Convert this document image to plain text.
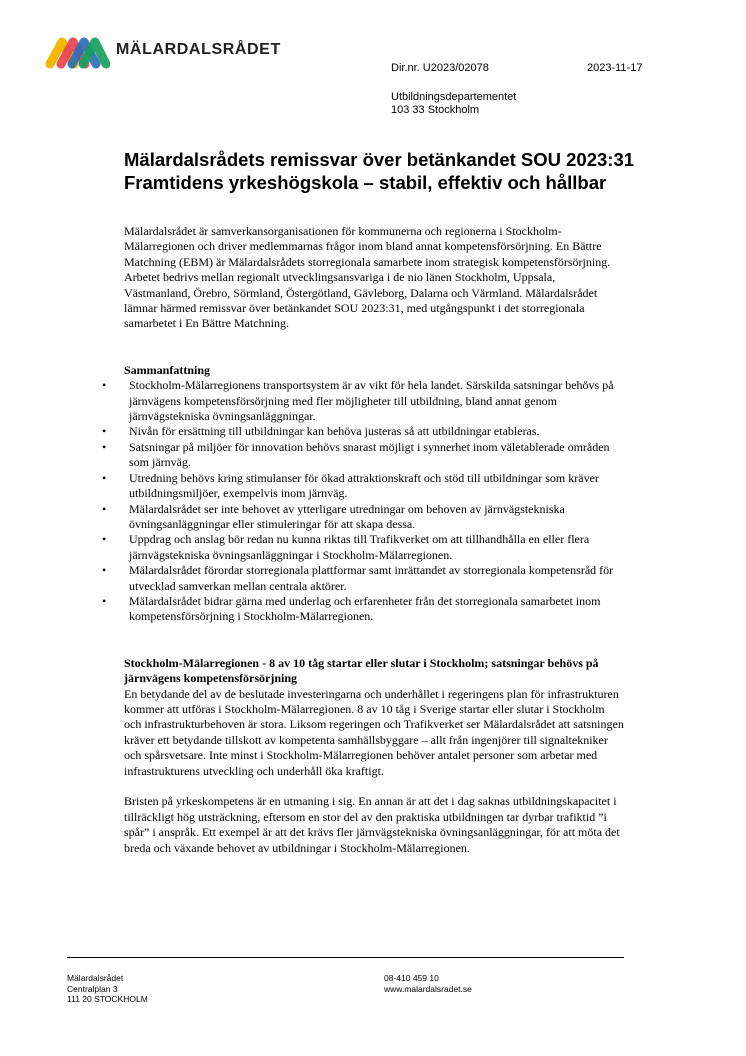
MÄLARDALSRÅDET
Dir.nr. U2023/02078	2023-11-17
Utbildningsdepartementet
103 33 Stockholm
Mälardalsrådets remissvar över betänkandet SOU 2023:31 Framtidens yrkeshögskola – stabil, effektiv och hållbar

Mälardalsrådet är samverkansorganisationen för kommunerna och regionerna i Stockholm-Mälarregionen och driver medlemmarnas frågor inom bland annat kompetensförsörjning. En Bättre Matchning (EBM) är Mälardalsrådets storregionala samarbete inom strategisk kompetensförsörjning. Arbetet bedrivs mellan regionalt utvecklingsansvariga i de nio länen Stockholm, Uppsala, Västmanland, Örebro, Sörmland, Östergötland, Gävleborg, Dalarna och Värmland. Mälardalsrådet lämnar härmed remissvar över betänkandet SOU 2023:31, med utgångspunkt i det storregionala samarbetet i En Bättre Matchning.

Sammanfattning

• Stockholm-Mälarregionens transportsystem är av vikt för hela landet. Särskilda satsningar behövs på järnvägens kompetensförsörjning med fler möjligheter till utbildning, bland annat genom järnvägstekniska övningsanläggningar.
• Nivån för ersättning till utbildningar kan behöva justeras så att utbildningar etableras.
• Satsningar på miljöer för innovation behövs snarast möjligt i synnerhet inom väletablerade områden som järnväg.
• Utredning behövs kring stimulanser för ökad attraktionskraft och stöd till utbildningar som kräver utbildningsmiljöer, exempelvis inom järnväg.
• Mälardalsrådet ser inte behovet av ytterligare utredningar om behoven av järnvägstekniska övningsanläggningar eller stimuleringar för att skapa dessa.
• Uppdrag och anslag bör redan nu kunna riktas till Trafikverket om att tillhandhålla en eller flera järnvägstekniska övningsanläggningar i Stockholm-Mälarregionen.
• Mälardalsrådet förordar storregionala plattformar samt inrättandet av storregionala kompetensråd för utvecklad samverkan mellan centrala aktörer.
• Mälardalsrådet bidrar gärna med underlag och erfarenheter från det storregionala samarbetet inom kompetensförsörjning i Stockholm-Mälarregionen.

Stockholm-Mälarregionen - 8 av 10 tåg startar eller slutar i Stockholm; satsningar behövs på järnvägens kompetensförsörjning

En betydande del av de beslutade investeringarna och underhållet i regeringens plan för infrastrukturen kommer att utföras i Stockholm-Mälarregionen. 8 av 10 tåg i Sverige startar eller slutar i Stockholm och infrastrukturbehoven är stora. Liksom regeringen och Trafikverket ser Mälardalsrådet att satsningen kräver ett betydande tillskott av kompetenta samhällsbyggare – allt från ingenjörer till signaltekniker och spårsvetsare. Inte minst i Stockholm-Mälarregionen behöver antalet personer som arbetar med infrastrukturens utveckling och underhåll öka kraftigt.

Bristen på yrkeskompetens är en utmaning i sig. En annan är att det i dag saknas utbildningskapacitet i tillräckligt hög utsträckning, eftersom en stor del av den praktiska utbildningen tar dyrbar trafiktid ”i spår” i anspråk. Ett exempel är att det krävs fler järnvägstekniska övningsanläggningar, för att möta det breda och växande behovet av utbildningar i Stockholm-Mälarregionen.

Mälardalsrådet
Centralplan 3
111 20 STOCKHOLM
08-410 459 10
www.malardalsradet.se
